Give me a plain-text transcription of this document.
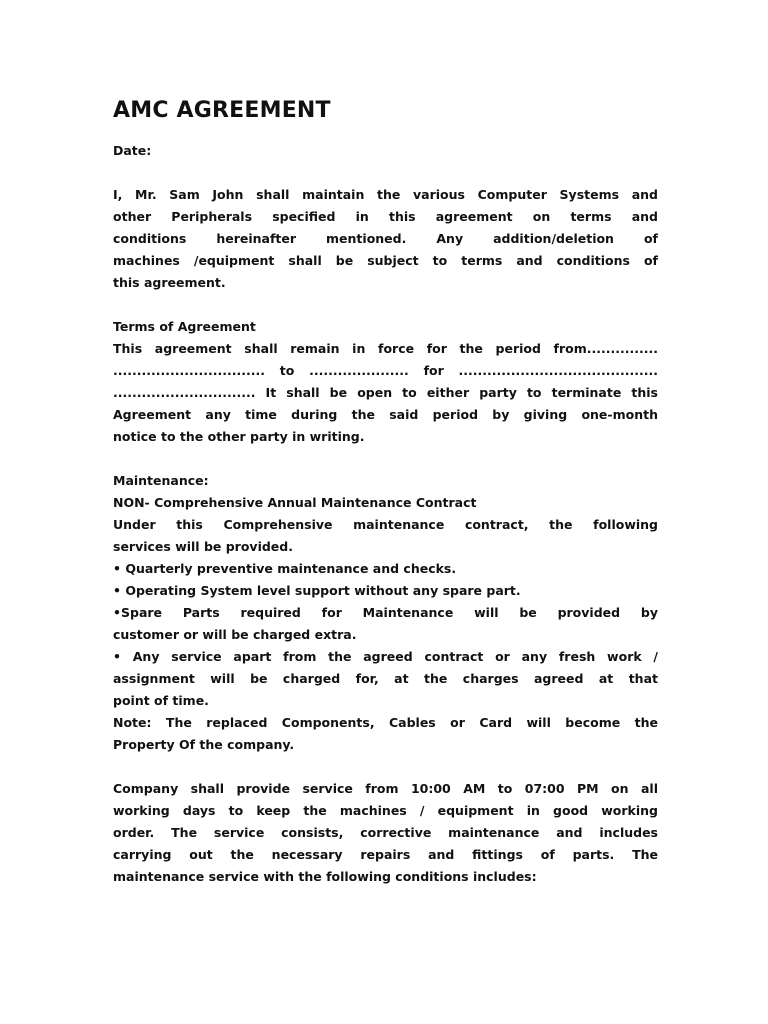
AMC AGREEMENT

Date:

I, Mr. Sam John shall maintain the various Computer Systems and

other Peripherals specified in this agreement on terms and

conditions hereinafter mentioned. Any addition/deletion of

machines /equipment shall be subject to terms and conditions of

this agreement.

Terms of Agreement

This agreement shall remain in force for the period from...............

................................ to ..................... for ..........................................

.............................. It shall be open to either party to terminate this

Agreement any time during the said period by giving one-month

notice to the other party in writing.

Maintenance:

NON- Comprehensive Annual Maintenance Contract

Under this Comprehensive maintenance contract, the following

services will be provided.

• Quarterly preventive maintenance and checks.

• Operating System level support without any spare part.

•Spare Parts required for Maintenance will be provided by

customer or will be charged extra.

• Any service apart from the agreed contract or any fresh work /

assignment will be charged for, at the charges agreed at that

point of time.

Note: The replaced Components, Cables or Card will become the

Property Of the company.

Company shall provide service from 10:00 AM to 07:00 PM on all

working days to keep the machines / equipment in good working

order. The service consists, corrective maintenance and includes

carrying out the necessary repairs and fittings of parts. The

maintenance service with the following conditions includes:
